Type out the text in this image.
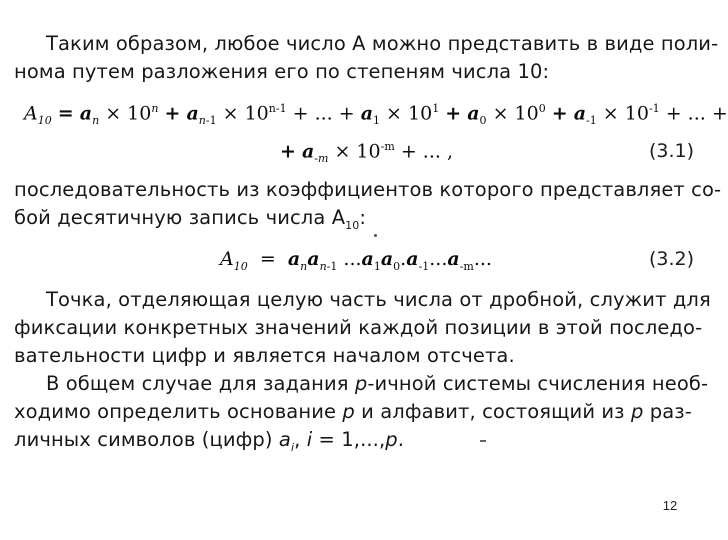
Таким образом, любое число А можно представить в виде поли-
нома путем разложения его по степеням числа 10:
$A_{10} = a_n \times 10^n + a_{n-1} \times 10^{n-1}$ + ... + $a_1 \times 10^1 + a_0 \times 10^0 + a_{-1} \times 10^{-1}$ + ... +
+ $a_{-m} \times 10^{-m}$ + ... ,	(3.1)
последовательность из коэффициентов которого представляет со-
бой десятичную запись числа $А_{10}$:
$A_{10} = a_na_{n-1}$ $...a_1a_0.a_{-1}...a_{-m}$...	(3.2)
Точка, отделяющая целую часть числа от дробной, служит для
фиксации конкретных значений каждой позиции в этой последо-
вательности цифр и является началом отсчета.
В общем случае для задания p-ичной системы счисления необ-
ходимо определить основание p и алфавит, состоящий из p раз-
личных символов (цифр) $a_i$, i = 1,...,p.
12
